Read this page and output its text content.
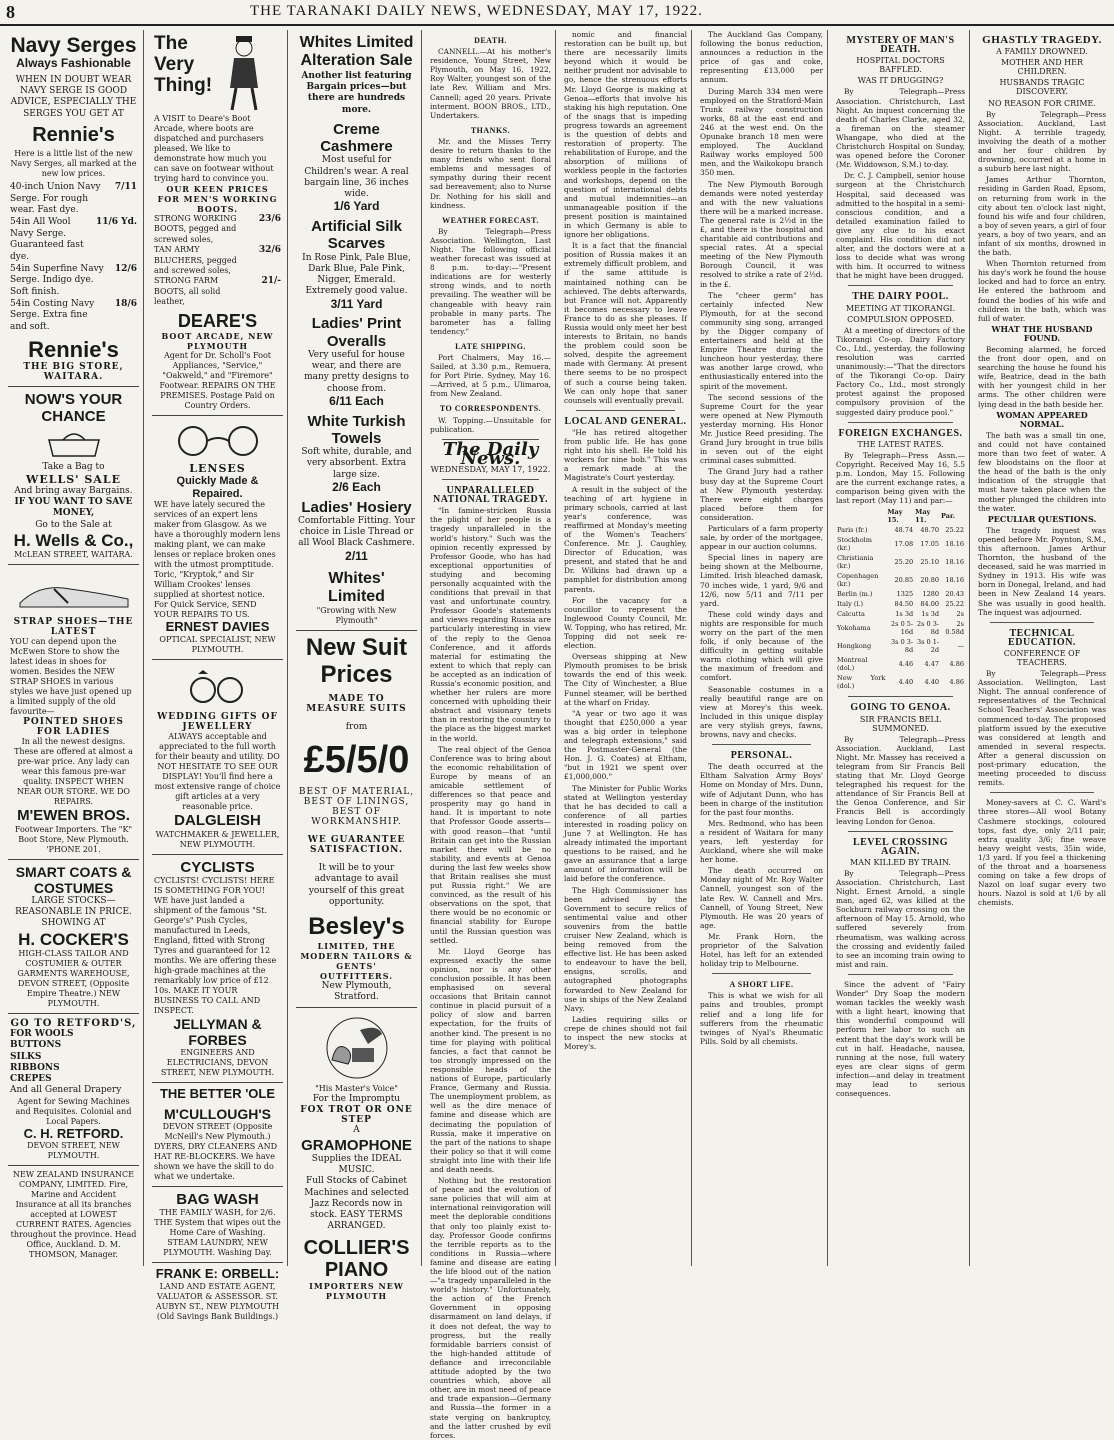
8	THE TARANAKI DAILY NEWS, WEDNESDAY, MAY 17, 1922.
Navy Serges
Always Fashionable
WHEN IN DOUBT WEAR NAVY SERGE IS GOOD ADVICE, ESPECIALLY THE SERGES YOU GET AT
Rennie's
Here is a little list of the new Navy Serges, all marked at the new low prices.
40-inch Union Navy Serge. For rough wear. Fast dye.
7/11
54in All Wool Navy Serge. Guaranteed fast dye.
11/6 Yd.
54in Superfine Navy Serge. Indigo dye. Soft finish.
12/6
54in Costing Navy Serge. Extra fine and soft.
18/6
Rennie's
THE BIG STORE,
WAITARA.
NOW'S YOUR CHANCE
Take a Bag to
WELLS' SALE
And bring away Bargains.
IF YOU WANT TO SAVE MONEY,
Go to the Sale at
H. Wells & Co.,
McLEAN STREET, WAITARA.
STRAP SHOES—THE LATEST
YOU can depend upon the McEwen Store to show the latest ideas in shoes for women. Besides the NEW STRAP SHOES in various styles we have just opened up a limited supply of the old favourite—
POINTED SHOES FOR LADIES
In all the newest designs. These are offered at almost a pre-war price. Any lady can wear this famous pre-war quality. INSPECT WHEN NEAR OUR STORE. WE DO REPAIRS.
M'EWEN BROS.
Footwear Importers. The "K" Boot Store, New Plymouth. 'PHONE 201.
SMART COATS & COSTUMES
LARGE STOCKS—REASONABLE IN PRICE.
SHOWING AT
H. COCKER'S
HIGH-CLASS TAILOR AND COSTUMIER & OUTER GARMENTS WAREHOUSE, DEVON STREET, (Opposite Empire Theatre.) NEW PLYMOUTH.
GO TO RETFORD'S,
FOR WOOLS
BUTTONS
SILKS
RIBBONS
CREPES
And all General Drapery
Agent for Sewing Machines and Requisites. Colonial and Local Papers.
C. H. RETFORD.
DEVON STREET, NEW PLYMOUTH.
NEW ZEALAND INSURANCE COMPANY, LIMITED. Fire, Marine and Accident Insurance at all its branches accepted at LOWEST CURRENT RATES. Agencies throughout the province. Head Office, Auckland. D. M. THOMSON, Manager.
The
Very
Thing!
A VISIT to Deare's Boot Arcade, where boots are dispatched and purchasers pleased. We like to demonstrate how much you can save on footwear without trying hard to convince you.
OUR KEEN PRICES FOR MEN'S WORKING BOOTS.
STRONG WORKING BOOTS, pegged and screwed soles,
23/6
TAN ARMY BLUCHERS, pegged and screwed soles,
32/6
STRONG FARM BOOTS, all solid leather,
21/-
DEARE'S
BOOT ARCADE, NEW PLYMOUTH
Agent for Dr. Scholl's Foot Appliances, "Service," "Oakweld," and "Firemore" Footwear. REPAIRS ON THE PREMISES. Postage Paid on Country Orders.
LENSES
Quickly Made & Repaired.
WE have lately secured the services of an expert lens maker from Glasgow. As we have a thoroughly modern lens making plant, we can make lenses or replace broken ones with the utmost promptitude. Toric, "Kryptok," and Sir William Crookes' lenses supplied at shortest notice. For Quick Service, SEND YOUR REPAIRS TO US.
ERNEST DAVIES
OPTICAL SPECIALIST, NEW PLYMOUTH.
WEDDING GIFTS OF JEWELLERY
ALWAYS acceptable and appreciated to the full worth for their beauty and utility. DO NOT HESITATE TO SEE OUR DISPLAY! You'll find here a most extensive range of choice gift articles at a very reasonable price.
DALGLEISH
WATCHMAKER & JEWELLER, NEW PLYMOUTH.
CYCLISTS
CYCLISTS! CYCLISTS! HERE IS SOMETHING FOR YOU! WE have just landed a shipment of the famous "St. George's" Push Cycles, manufactured in Leeds, England, fitted with Strong Tyres and guaranteed for 12 months. We are offering these high-grade machines at the remarkably low price of £12 10s. MAKE IT YOUR BUSINESS TO CALL AND INSPECT.
JELLYMAN & FORBES
ENGINEERS AND ELECTRICIANS, DEVON STREET, NEW PLYMOUTH.
THE BETTER 'OLE
M'CULLOUGH'S
DEVON STREET (Opposite McNeill's New Plymouth.)
DYERS, DRY CLEANERS AND HAT RE-BLOCKERS. We have shown we have the skill to do what we undertake.
BAG WASH
THE FAMILY WASH, for 2/6. THE System that wipes out the Home Care of Washing. STEAM LAUNDRY, NEW PLYMOUTH. Washing Day.
FRANK E: ORBELL:
LAND AND ESTATE AGENT, VALUATOR & ASSESSOR. ST. AUBYN ST., NEW PLYMOUTH (Old Savings Bank Buildings.)
Whites Limited Alteration Sale
Another list featuring Bargain prices—but there are hundreds more.
Creme Cashmere
Most useful for Children's wear. A real bargain line, 36 inches wide.
1/6 Yard
Artificial Silk Scarves
In Rose Pink, Pale Blue, Dark Blue, Pale Pink, Nigger, Emerald. Extremely good value.
3/11 Yard
Ladies' Print Overalls
Very useful for house wear, and there are many pretty designs to choose from.
6/11 Each
White Turkish Towels
Soft white, durable, and very absorbent. Extra large size.
2/6 Each
Ladies' Hosiery
Comfortable Fitting. Your choice in Lisle Thread or all Wool Black Cashmere.
2/11
Whites' Limited
"Growing with New Plymouth"
New Suit Prices
MADE TO MEASURE SUITS
from
£5/5/0
BEST OF MATERIAL, BEST OF LININGS, BEST OF WORKMANSHIP.
WE GUARANTEE SATISFACTION.
It will be to your advantage to avail yourself of this great opportunity.
Besley's
LIMITED, THE MODERN TAILORS & GENTS' OUTFITTERS.
New Plymouth, Stratford.
"His Master's Voice"
For the Impromptu
FOX TROT OR ONE STEP
A
GRAMOPHONE
Supplies the IDEAL MUSIC.
Full Stocks of Cabinet Machines and selected Jazz Records now in stock. EASY TERMS ARRANGED.
COLLIER'S PIANO
IMPORTERS NEW PLYMOUTH
DEATH.

CANNELL.—At his mother's residence, Young Street, New Plymouth, on May 16, 1922, Roy Walter, youngest son of the late Rev. William and Mrs. Cannell; aged 20 years. Private interment. BOON BROS., LTD., Undertakers.

THANKS.

Mr. and the Misses Terry desire to return thanks to the many friends who sent floral emblems and messages of sympathy during their recent sad bereavement; also to Nurse Dr. Nothing for his skill and kindness.

WEATHER FORECAST.

By Telegraph—Press Association. Wellington, Last Night. The following official weather forecast was issued at 8 p.m. to-day:—"Present indications are for westerly strong winds, and to north prevailing. The weather will be changeable with heavy rain probable in many parts. The barometer has a falling tendency."

LATE SHIPPING.

Port Chalmers, May 16.—Sailed, at 3.30 p.m., Remuera, for Port Pirie. Sydney, May 16.—Arrived, at 5 p.m., Ulimaroa, from New Zealand.

TO CORRESPONDENTS.

W. Topping.—Unsuitable for publication.

The Daily News.
WEDNESDAY, MAY 17, 1922.
UNPARALLELED NATIONAL TRAGEDY.

"In famine-stricken Russia the plight of her people is a tragedy unparalleled in the world's history." Such was the opinion recently expressed by Professor Goode, who has had exceptional opportunities of studying and becoming personally acquainted with the conditions that prevail in that vast and unfortunate country. Professor Goode's statements and views regarding Russia are particularly interesting in view of the reply to the Genoa Conference, and it affords material for estimating the extent to which that reply can be accepted as an indication of Russia's economic position, and whether her rulers are more concerned with upholding their abstract and visionary tenets than in restoring the country to the place as the biggest market in the world.

The real object of the Genoa Conference was to bring about the economic rehabilitation of Europe by means of an amicable settlement of differences so that peace and prosperity may go hand in hand. It is important to note that Professor Goode asserts—with good reason—that "until Britain can get into the Russian market there will be no stability, and events at Genoa during the last few weeks show that Britain realises she must put Russia right." We are convinced, as the result of his observations on the spot, that there would be no economic or financial stability for Europe until the Russian question was settled.

Mr. Lloyd George has expressed exactly the same opinion, nor is any other conclusion possible. It has been emphasised on several occasions that Britain cannot continue in placid pursuit of a policy of slow and barren expectation, for the fruits of another kind. The present is no time for playing with political fancies, a fact that cannot be too strongly impressed on the responsible heads of the nations of Europe, particularly France, Germany and Russia. The unemployment problem, as well as the dire menace of famine and disease which are decimating the population of Russia, make it imperative on the part of the nations to shape their policy so that it will come straight into line with their life and death needs.

Nothing but the restoration of peace and the evolution of sane policies that will aim at international reinvigoration will meet the deplorable conditions that only too plainly exist to-day. Professor Goode confirms the terrible reports as to the conditions in Russia—where famine and disease are eating the life blood out of the nation—"a tragedy unparalleled in the world's history." Unfortunately, the action of the French Government in opposing disarmament on land delays, if it does not defeat, the way to progress, but the really formidable barriers consist of the high-handed attitude of defiance and irreconcilable attitude adopted by the two countries which, above all other, are in most need of peace and trade expansion—Germany and Russia—the former in a state verging on bankruptcy, and the latter crushed by evil forces.

nomic and financial restoration can be built up, but there are necessarily limits beyond which it would be neither prudent nor advisable to go, hence the strenuous efforts Mr. Lloyd George is making at Genoa—efforts that involve his staking his high reputation. One of the snags that is impeding progress towards an agreement is the question of debts and restoration of property. The rehabilitation of Europe, and the absorption of millions of workless people in the factories and workshops, depend on the question of international debts and mutual indemnities—an unmanageable position if the present position is maintained in which Germany is able to ignore her obligations.

It is a fact that the financial position of Russia makes it an extremely difficult problem, and if the same attitude is maintained nothing can be achieved. The debts afterwards, but France will not. Apparently it becomes necessary to leave France to do as she pleases. If Russia would only meet her best interests to Britain, no hands the problem could soon be solved, despite the agreement made with Germany. At present there seems to be no prospect of such a course being taken. We can only hope that saner counsels will eventually prevail.

LOCAL AND GENERAL.

"He has retired altogether from public life. He has gone right into his shell. He told his workers for nine bob." This was a remark made at the Magistrate's Court yesterday.

A result in the subject of the teaching of art hygiene in primary schools, carried at last year's conference, was reaffirmed at Monday's meeting of the Women's Teachers' Conference. Mr. J. Caughley, Director of Education, was present, and stated that he and Dr. Wilkins had drawn up a pamphlet for distribution among parents.

For the vacancy for a councillor to represent the Inglewood County Council, Mr. W. Topping, who has retired, Mr. Topping did not seek re-election.

Overseas shipping at New Plymouth promises to be brisk towards the end of this week. The City of Winchester, a Blue Funnel steamer, will be berthed at the wharf on Friday.

"A year or two ago it was thought that £250,000 a year was a big order in telephone and telegraph extensions," said the Postmaster-General (the Hon. J. G. Coates) at Eltham, "but in 1921 we spent over £1,000,000."

The Minister for Public Works stated at Wellington yesterday that he has decided to call a conference of all parties interested in roading policy on June 7 at Wellington. He has already intimated the important questions to be raised, and he gave an assurance that a large amount of information will be laid before the conference.

The High Commissioner has been advised by the Government to secure relics of sentimental value and other souvenirs from the battle cruiser New Zealand, which is being removed from the effective list. He has been asked to endeavour to have the bell, ensigns, scrolls, and autographed photographs forwarded to New Zealand for use in ships of the New Zealand Navy.

Ladies requiring silks or crepe de chines should not fail to inspect the new stocks at Morey's.

The Auckland Gas Company, following the bonus reduction, announces a reduction in the price of gas and coke, representing £13,000 per annum.

During March 334 men were employed on the Stratford-Main Trunk railway construction works, 88 at the east end and 246 at the west end. On the Opunake branch 18 men were employed. The Auckland Railway works employed 500 men, and the Waikokopu branch 350 men.

The New Plymouth Borough demands were noted yesterday and with the new valuations there will be a marked increase. The general rate is 2½d in the £, and there is the hospital and charitable aid contributions and special rates. At a special meeting of the New Plymouth Borough Council, it was resolved to strike a rate of 2½d. in the £.

The "cheer germ" has certainly infected New Plymouth, for at the second community sing song, arranged by the Digger company of entertainers and held at the Empire Theatre during the luncheon hour yesterday, there was another large crowd, who enthusiastically entered into the spirit of the movement.

The second sessions of the Supreme Court for the year were opened at New Plymouth yesterday morning. His Honor Mr. Justice Reed presiding. The Grand Jury brought in true bills in seven out of the eight criminal cases submitted.

The Grand Jury had a rather busy day at the Supreme Court at New Plymouth yesterday. There were eight charges placed before them for consideration.

Particulars of a farm property sale, by order of the mortgagee, appear in our auction columns.

Special lines in napery are being shown at the Melbourne, Limited. Irish bleached damask, 70 inches wide, 1 yard, 9/6 and 12/6, now 5/11 and 7/11 per yard.

These cold windy days and nights are responsible for much worry on the part of the men folk, if only because of the difficulty in getting suitable warm clothing which will give the maximum of freedom and comfort.

Seasonable costumes in a really beautiful range are on view at Morey's this week. Included in this unique display are very stylish greys, fawns, browns, navy and checks.

PERSONAL.

The death occurred at the Eltham Salvation Army Boys' Home on Monday of Mrs. Dunn, wife of Adjutant Dunn, who has been in charge of the institution for the past four months.

Mrs. Redmond, who has been a resident of Waitara for many years, left yesterday for Auckland, where she will make her home.

The death occurred on Monday night of Mr. Roy Walter Cannell, youngest son of the late Rev. W. Cannell and Mrs. Cannell, of Young Street, New Plymouth. He was 20 years of age.

Mr. Frank Horn, the proprietor of the Salvation Hotel, has left for an extended holiday trip to Melbourne.

A SHORT LIFE.

This is what we wish for all pains and troubles, prompt relief and a long life for sufferers from the rheumatic twinges of Nyal's Rheumatic Pills. Sold by all chemists.

MYSTERY OF MAN'S DEATH.
HOSPITAL DOCTORS BAFFLED.
WAS IT DRUGGING?

By Telegraph—Press Association. Christchurch, Last Night. An inquest concerning the death of Charles Clarke, aged 32, a fireman on the steamer Whangape, who died at the Christchurch Hospital on Sunday, was opened before the Coroner (Mr. Widdowson, S.M.) to-day.

Dr. C. J. Campbell, senior house surgeon at the Christchurch Hospital, said deceased was admitted to the hospital in a semi-conscious condition, and a detailed examination failed to give any clue to his exact complaint. His condition did not alter, and the doctors were at a loss to decide what was wrong with him. It occurred to witness that he might have been drugged.

THE DAIRY POOL.
MEETING AT TIKORANGI.
COMPULSION OPPOSED.

At a meeting of directors of the Tikorangi Co-op. Dairy Factory Co., Ltd., yesterday, the following resolution was carried unanimously:—"That the directors of the Tikorangi Co-op. Dairy Factory Co., Ltd., most strongly protest against the proposed compulsory provision of the suggested dairy produce pool."

FOREIGN EXCHANGES.
THE LATEST RATES.

By Telegraph—Press Assn.—Copyright. Received May 16, 5.5 p.m. London, May 15. Following are the current exchange rates, a comparison being given with the last report (May 11) and par:—

	May 15.	May 11.	Par.
Paris (fr.)	48.74	48.70	25.22
Stockholm (kr.)	17.08	17.05	18.16
Christiania (kr.)	25.20	25.10	18.16
Copenhagen (kr.)	20.85	20.80	18.16
Berlin (m.)	1325	1280	20.43
Italy (l.)	84.50	84.00	25.22
Calcutta	1s 3d	1s 3d	2s
Yokohama	2s 0 5-16d	2s 0 3-8d	2s 0.58d
Hongkong	3s 0 3-8d	3s 0 1-2d	—
Montreal (dol.)	4.46	4.47	4.86
New York (dol.)	4.40	4.40	4.86
GOING TO GENOA.
SIR FRANCIS BELL SUMMONED.

By Telegraph—Press Association. Auckland, Last Night. Mr. Massey has received a telegram from Sir Francis Bell stating that Mr. Lloyd George telegraphed his request for the attendance of Sir Francis Bell at the Genoa Conference, and Sir Francis Bell is accordingly leaving London for Genoa.

LEVEL CROSSING AGAIN.
MAN KILLED BY TRAIN.

By Telegraph—Press Association. Christchurch, Last Night. Ernest Arnold, a single man, aged 62, was killed at the Sockburn railway crossing on the afternoon of May 15. Arnold, who suffered severely from rheumatism, was walking across the crossing and evidently failed to see an incoming train owing to mist and rain.

Since the advent of "Fairy Wonder" Dry Soap the modern woman tackles the weekly wash with a light heart, knowing that this wonderful compound will perform her labor to such an extent that the day's work will be cut in half. Headache, nausea, running at the nose, full watery eyes are clear signs of germ infection—and delay in treatment may lead to serious consequences.

GHASTLY TRAGEDY.
A FAMILY DROWNED.
MOTHER AND HER CHILDREN.
HUSBANDS TRAGIC DISCOVERY.
NO REASON FOR CRIME.

By Telegraph—Press Association. Auckland, Last Night. A terrible tragedy, involving the death of a mother and her four children by drowning, occurred at a home in a suburb here last night.

James Arthur Thornton, residing in Garden Road, Epsom, on returning from work in the city about ten o'clock last night, found his wife and four children, a boy of seven years, a girl of four years, a boy of two years, and an infant of six months, drowned in the bath.

When Thornton returned from his day's work he found the house locked and had to force an entry. He entered the bathroom and found the bodies of his wife and children in the bath, which was full of water.

WHAT THE HUSBAND FOUND.

Becoming alarmed, he forced the front door open, and on searching the house he found his wife, Beatrice, dead in the bath with her youngest child in her arms. The other children were lying dead in the bath beside her.

WOMAN APPEARED NORMAL.

The bath was a small tin one, and could not have contained more than two feet of water. A few bloodstains on the floor at the head of the bath is the only indication of the struggle that must have taken place when the mother plunged the children into the water.

PECULIAR QUESTIONS.

The tragedy inquest was opened before Mr. Poynton, S.M., this afternoon. James Arthur Thornton, the husband of the deceased, said he was married in Sydney in 1913. His wife was born in Donegal, Ireland, and had been in New Zealand 14 years. She was usually in good health. The inquest was adjourned.

TECHNICAL EDUCATION.
CONFERENCE OF TEACHERS.

By Telegraph—Press Association. Wellington, Last Night. The annual conference of representatives of the Technical School Teachers' Association was commenced to-day. The proposed platform issued by the executive was considered at length and amended in several respects. After a general discussion on post-primary education, the meeting proceeded to discuss remits.

Money-savers at C. C. Ward's three stores—All wool Botany Cashmere stockings, coloured tops, fast dye, only 2/11 pair, extra quality 3/6; fine weave heavy weight vests, 35in wide, 1/3 yard. If you feel a thickening of the throat and a hoarseness coming on take a few drops of Nazol on loaf sugar every two hours. Nazol is sold at 1/6 by all chemists.
